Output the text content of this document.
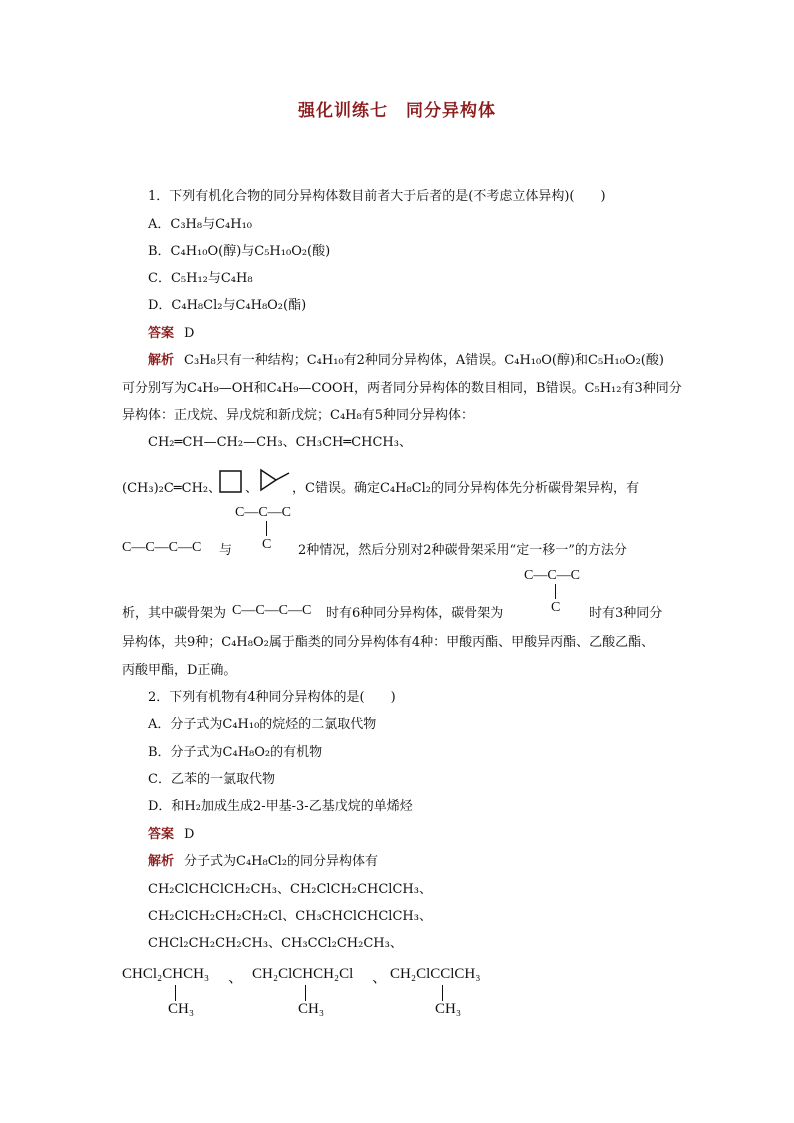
强化训练七　同分异构体
1．下列有机化合物的同分异构体数目前者大于后者的是(不考虑立体异构)(　　)
A．C₃H₈与C₄H₁₀
B．C₄H₁₀O(醇)与C₅H₁₀O₂(酸)
C．C₅H₁₂与C₄H₈
D．C₄H₈Cl₂与C₄H₈O₂(酯)
答案 D
解析 C₃H₈只有一种结构；C₄H₁₀有2种同分异构体，A错误。C₄H₁₀O(醇)和C₅H₁₀O₂(酸)
可分别写为C₄H₉—OH和C₄H₉—COOH，两者同分异构体的数目相同，B错误。C₅H₁₂有3种同分
异构体：正戊烷、异戊烷和新戊烷；C₄H₈有5种同分异构体：
CH₂═CH—CH₂—CH₃、CH₃CH═CHCH₃、
(CH₃)₂C═CH₂、 、	，C错误。确定C₄H₈Cl₂的同分异构体先分析碳骨架异构，有
C—C—C
C
C—C—C—C 与	2种情况，然后分别对2种碳骨架采用“定一移一”的方法分
C—C—C
C
析，其中碳骨架为 C—C—C—C 时有6种同分异构体，碳骨架为	时有3种同分
异构体，共9种；C₄H₈O₂属于酯类的同分异构体有4种：甲酸丙酯、甲酸异丙酯、乙酸乙酯、
丙酸甲酯，D正确。
2．下列有机物有4种同分异构体的是(　　)
A．分子式为C₄H₁₀的烷烃的二氯取代物
B．分子式为C₄H₈O₂的有机物
C．乙苯的一氯取代物
D．和H₂加成生成2-甲基-3-乙基戊烷的单烯烃
答案 D
解析 分子式为C₄H₈Cl₂的同分异构体有
CH₂ClCHClCH₂CH₃、CH₂ClCH₂CHClCH₃、
CH₂ClCH₂CH₂CH₂Cl、CH₃CHClCHClCH₃、
CHCl₂CH₂CH₂CH₃、CH₃CCl₂CH₂CH₃、
CHCl₂CHCH₃
CH₃
、 CH₂ClCHCH₂Cl
CH₃
、 CH₂ClCClCH₃
CH₃
